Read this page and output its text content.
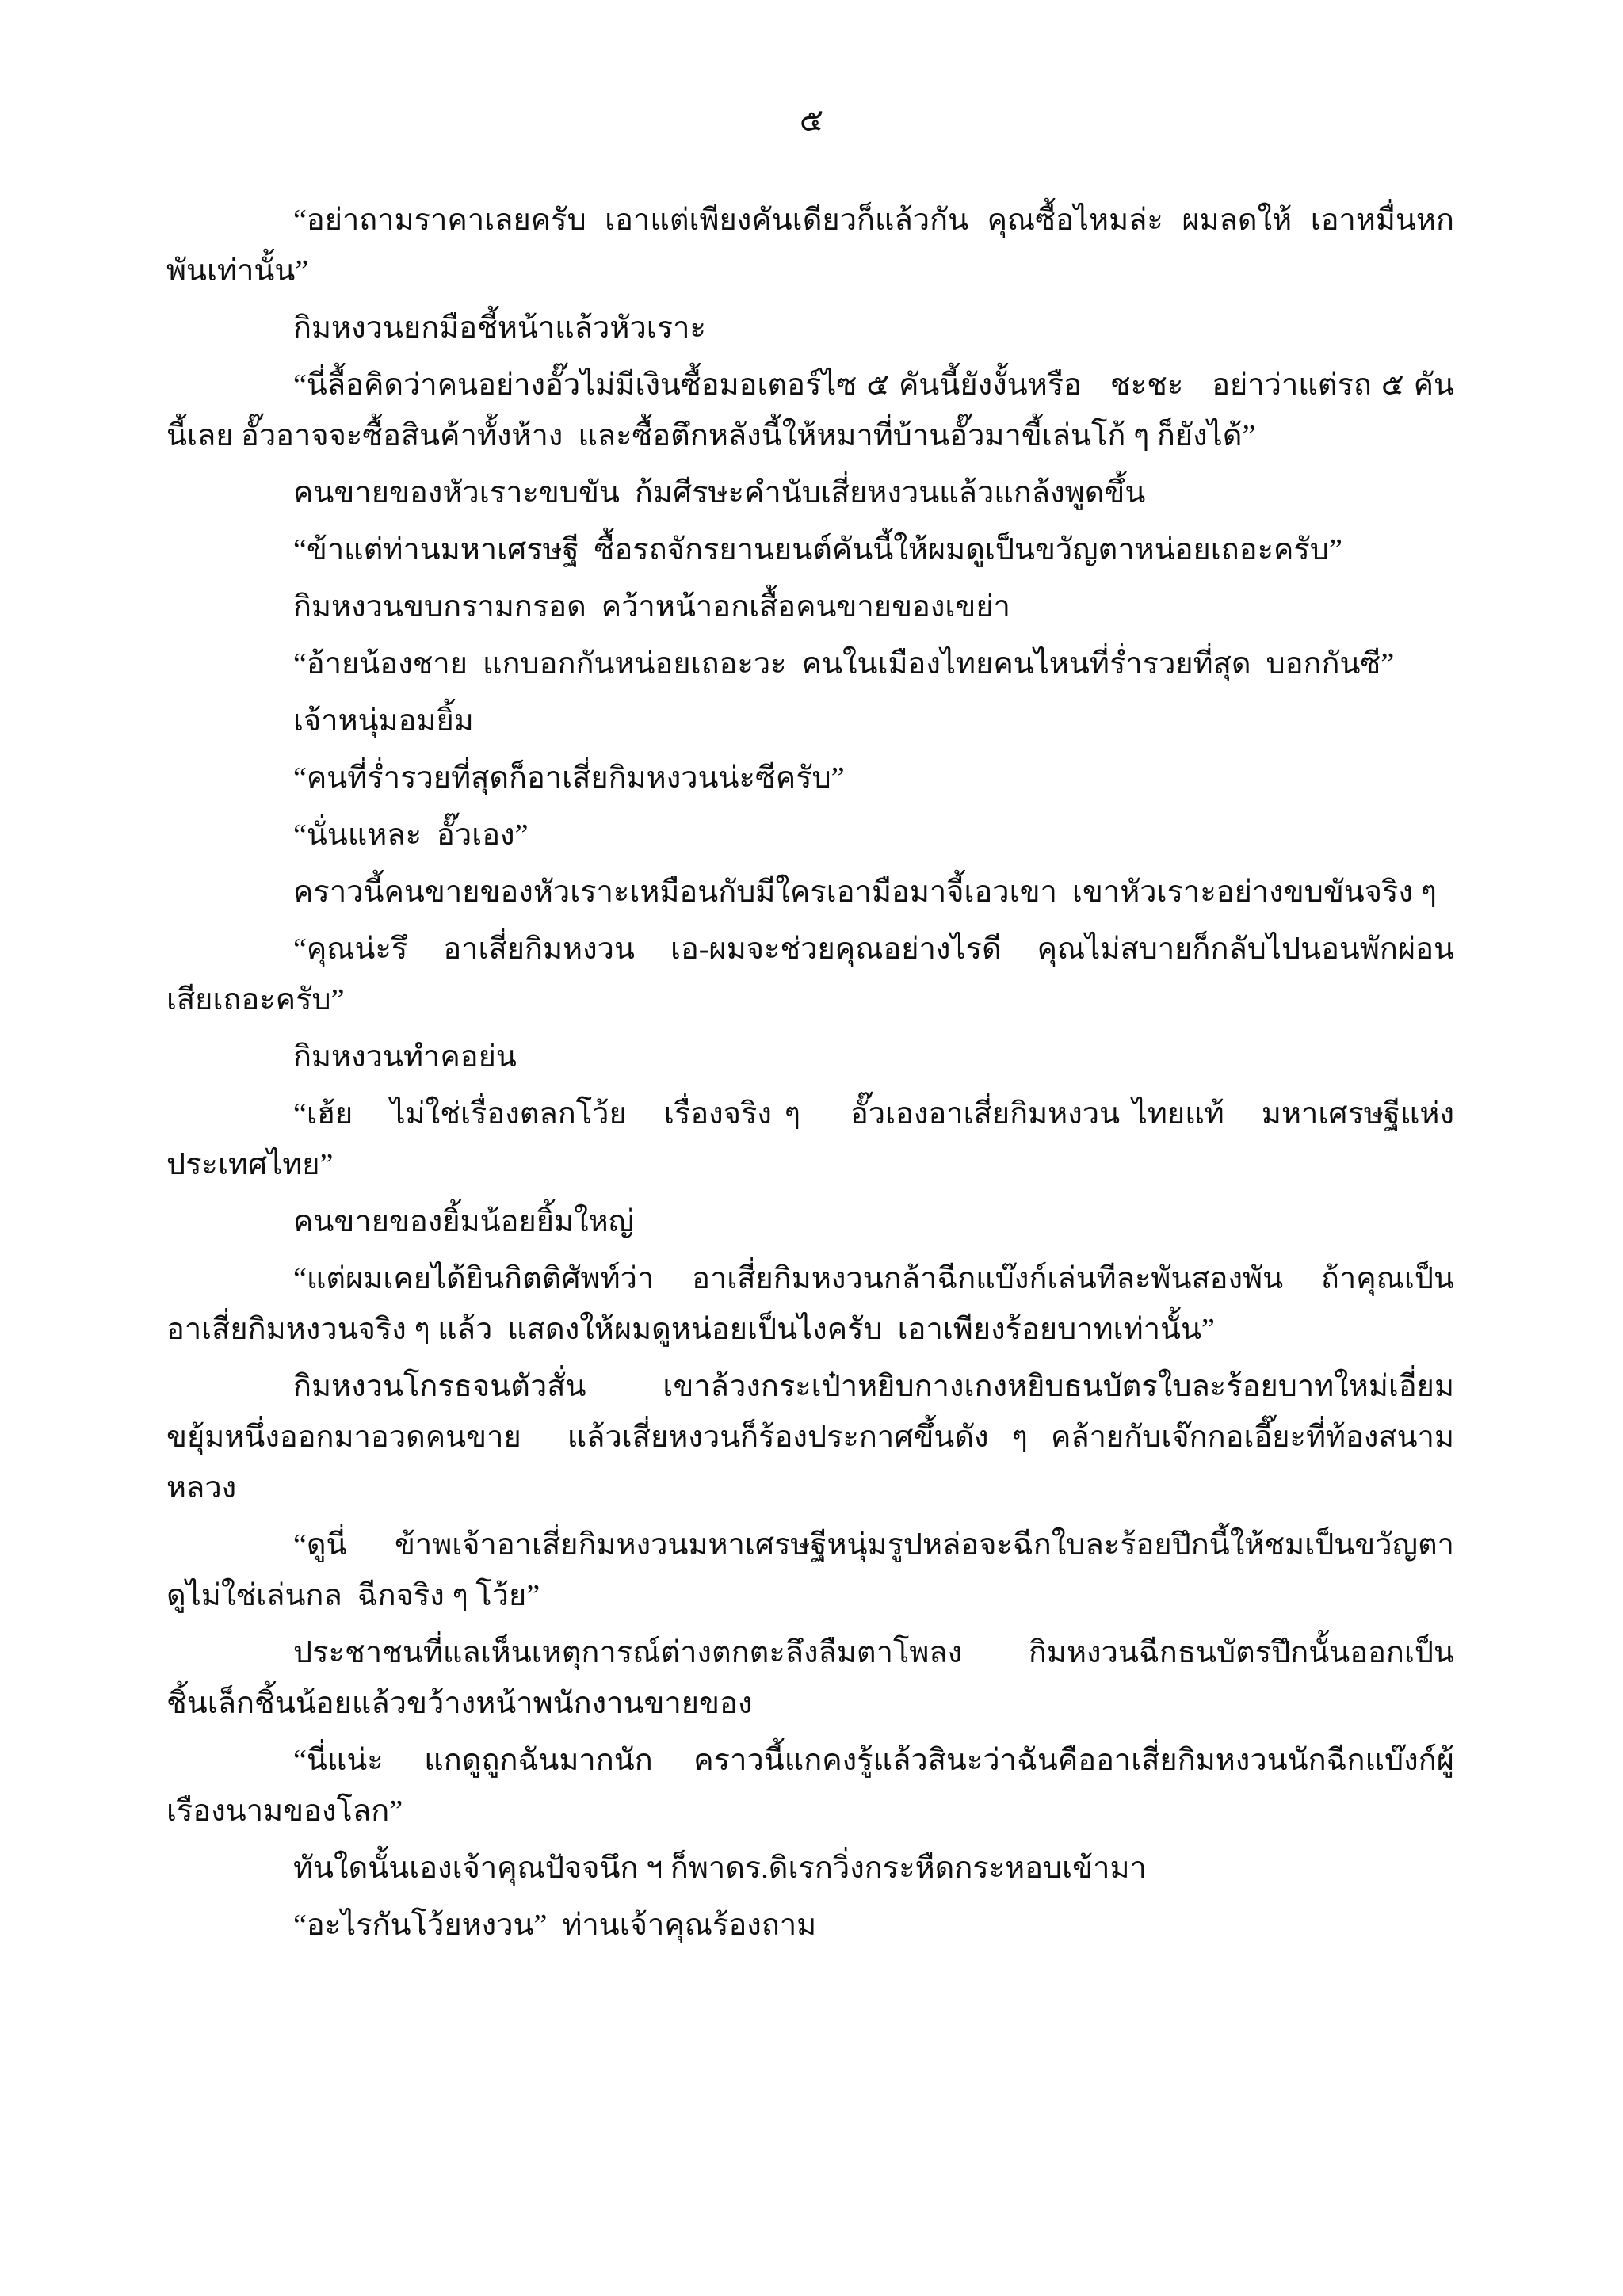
๕

“อย่าถามราคาเลยครับ  เอาแต่เพียงคันเดียวก็แล้วกัน  คุณซื้อไหมล่ะ  ผมลดให้  เอาหมื่นหกพันเท่านั้น”

กิมหงวนยกมือชี้หน้าแล้วหัวเราะ

“นี่ลื้อคิดว่าคนอย่างอั๊วไม่มีเงินซื้อมอเตอร์ไซ ๕ คันนี้ยังงั้นหรือ   ชะชะ   อย่าว่าแต่รถ ๕ คันนี้เลย อั๊วอาจจะซื้อสินค้าทั้งห้าง  และซื้อตึกหลังนี้ให้หมาที่บ้านอั๊วมาขี้เล่นโก้ ๆ ก็ยังได้”

คนขายของหัวเราะขบขัน  ก้มศีรษะคำนับเสี่ยหงวนแล้วแกล้งพูดขึ้น

“ข้าแต่ท่านมหาเศรษฐี  ซื้อรถจักรยานยนต์คันนี้ให้ผมดูเป็นขวัญตาหน่อยเถอะครับ”

กิมหงวนขบกรามกรอด  คว้าหน้าอกเสื้อคนขายของเขย่า

“อ้ายน้องชาย  แกบอกกันหน่อยเถอะวะ  คนในเมืองไทยคนไหนที่ร่ำรวยที่สุด  บอกกันซี”

เจ้าหนุ่มอมยิ้ม

“คนที่ร่ำรวยที่สุดก็อาเสี่ยกิมหงวนน่ะซีครับ”

“นั่นแหละ  อั๊วเอง”

คราวนี้คนขายของหัวเราะเหมือนกับมีใครเอามือมาจี้เอวเขา  เขาหัวเราะอย่างขบขันจริง ๆ

“คุณน่ะรึ   อาเสี่ยกิมหงวน   เอ-ผมจะช่วยคุณอย่างไรดี   คุณไม่สบายก็กลับไปนอนพักผ่อนเสียเถอะครับ”

กิมหงวนทำคอย่น

“เฮ้ย   ไม่ใช่เรื่องตลกโว้ย   เรื่องจริง ๆ    อั๊วเองอาเสี่ยกิมหงวน ไทยแท้   มหาเศรษฐีแห่งประเทศไทย”

คนขายของยิ้มน้อยยิ้มใหญ่

“แต่ผมเคยได้ยินกิตติศัพท์ว่า    อาเสี่ยกิมหงวนกล้าฉีกแบ๊งก์เล่นทีละพันสองพัน    ถ้าคุณเป็นอาเสี่ยกิมหงวนจริง ๆ แล้ว  แสดงให้ผมดูหน่อยเป็นไงครับ  เอาเพียงร้อยบาทเท่านั้น”

กิมหงวนโกรธจนตัวสั่น   เขาล้วงกระเป๋าหยิบกางเกงหยิบธนบัตรใบละร้อยบาทใหม่เอี่ยมขยุ้มหนึ่งออกมาอวดคนขาย  แล้วเสี่ยหงวนก็ร้องประกาศขึ้นดัง ๆ คล้ายกับเจ๊กกอเอี๊ยะที่ท้องสนามหลวง

“ดูนี่    ข้าพเจ้าอาเสี่ยกิมหงวนมหาเศรษฐีหนุ่มรูปหล่อจะฉีกใบละร้อยปึกนี้ให้ชมเป็นขวัญตา    ดูไม่ใช่เล่นกล  ฉีกจริง ๆ โว้ย”

ประชาชนที่แลเห็นเหตุการณ์ต่างตกตะลึงลืมตาโพลง    กิมหงวนฉีกธนบัตรปึกนั้นออกเป็นชิ้นเล็กชิ้นน้อยแล้วขว้างหน้าพนักงานขายของ

“นี่แน่ะ   แกดูถูกฉันมากนัก   คราวนี้แกคงรู้แล้วสินะว่าฉันคืออาเสี่ยกิมหงวนนักฉีกแบ๊งก์ผู้เรืองนามของโลก”

ทันใดนั้นเองเจ้าคุณปัจจนึก ฯ ก็พาดร.ดิเรกวิ่งกระหืดกระหอบเข้ามา

“อะไรกันโว้ยหงวน”  ท่านเจ้าคุณร้องถาม
